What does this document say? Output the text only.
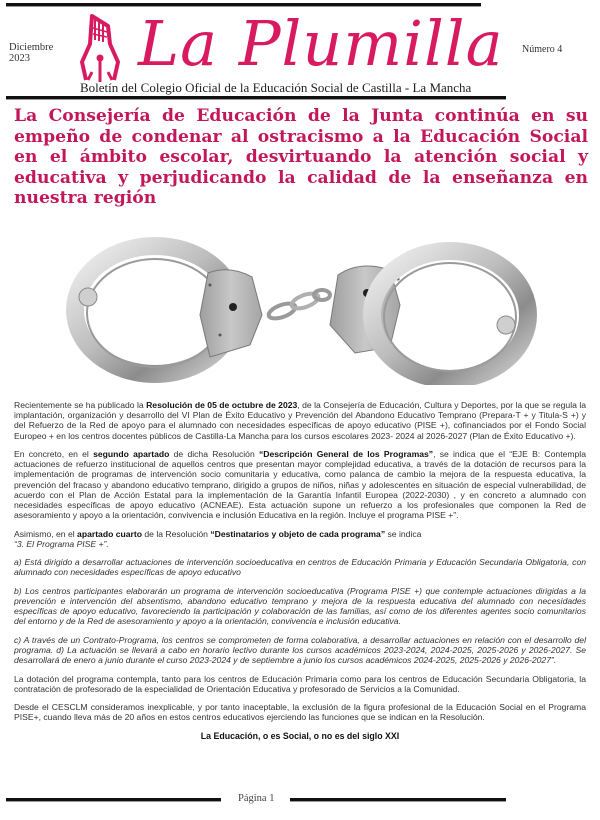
Diciembre
2023	La Plumilla Número 4
Boletín del Colegio Oficial de la Educación Social de Castilla - La Mancha
La Consejería de Educación de la Junta continúa en su empeño de condenar al ostracismo a la Educación Social en el ámbito escolar, desvirtuando la atención social y educativa y perjudicando la calidad de la enseñanza en nuestra región

Recientemente se ha publicado la Resolución de 05 de octubre de 2023, de la Consejería de Educación, Cultura y Deportes, por la que se regula la implantación, organización y desarrollo del VI Plan de Éxito Educativo y Prevención del Abandono Educativo Temprano (Prepara-T + y Titula-S +) y del Refuerzo de la Red de apoyo para el alumnado con necesidades específicas de apoyo educativo (PISE +), cofinanciados por el Fondo Social Europeo + en los centros docentes públicos de Castilla-La Mancha para los cursos escolares 2023- 2024 al 2026-2027 (Plan de Éxito Educativo +).

En concreto, en el segundo apartado de dicha Resolución “Descripción General de los Programas”, se indica que el “EJE B: Contempla actuaciones de refuerzo institucional de aquellos centros que presentan mayor complejidad educativa, a través de la dotación de recursos para la implementación de programas de intervención socio comunitaria y educativa, como palanca de cambio la mejora de la respuesta educativa, la prevención del fracaso y abandono educativo temprano, dirigido a grupos de niños, niñas y adolescentes en situación de especial vulnerabilidad, de acuerdo con el Plan de Acción Estatal para la implementación de la Garantía Infantil Europea (2022-2030) , y en concreto a alumnado con necesidades específicas de apoyo educativo (ACNEAE). Esta actuación supone un refuerzo a los profesionales que componen la Red de asesoramiento y apoyo a la orientación, convivencia e inclusión Educativa en la región. Incluye el programa PISE +”.

Asimismo, en el apartado cuarto de la Resolución “Destinatarios y objeto de cada programa” se indica
“3. El Programa PISE +”.

a) Está dirigido a desarrollar actuaciones de intervención socioeducativa en centros de Educación Primaria y Educación Secundaria Obligatoria, con alumnado con necesidades específicas de apoyo educativo

b) Los centros participantes elaborarán un programa de intervención socioeducativa (Programa PISE +) que contemple actuaciones dirigidas a la prevención e intervención del absentismo, abandono educativo temprano y mejora de la respuesta educativa del alumnado con necesidades específicas de apoyo educativo, favoreciendo la participación y colaboración de las familias, así como de los diferentes agentes socio comunitarios del entorno y de la Red de asesoramiento y apoyo a la orientación, convivencia e inclusión educativa.

c) A través de un Contrato-Programa, los centros se comprometen de forma colaborativa, a desarrollar actuaciones en relación con el desarrollo del programa. d) La actuación se llevará a cabo en horario lectivo durante los cursos académicos 2023-2024, 2024-2025, 2025-2026 y 2026-2027. Se desarrollará de enero a junio durante el curso 2023-2024 y de septiembre a junio los cursos académicos 2024-2025, 2025-2026 y 2026-2027”.

La dotación del programa contempla, tanto para los centros de Educación Primaria como para los centros de Educación Secundaria Obligatoria, la contratación de profesorado de la especialidad de Orientación Educativa y profesorado de Servicios a la Comunidad.

Desde el CESCLM consideramos inexplicable, y por tanto inaceptable, la exclusión de la figura profesional de la Educación Social en el Programa PISE+, cuando lleva más de 20 años en estos centros educativos ejerciendo las funciones que se indican en la Resolución.

La Educación, o es Social, o no es del siglo XXI

Página 1
